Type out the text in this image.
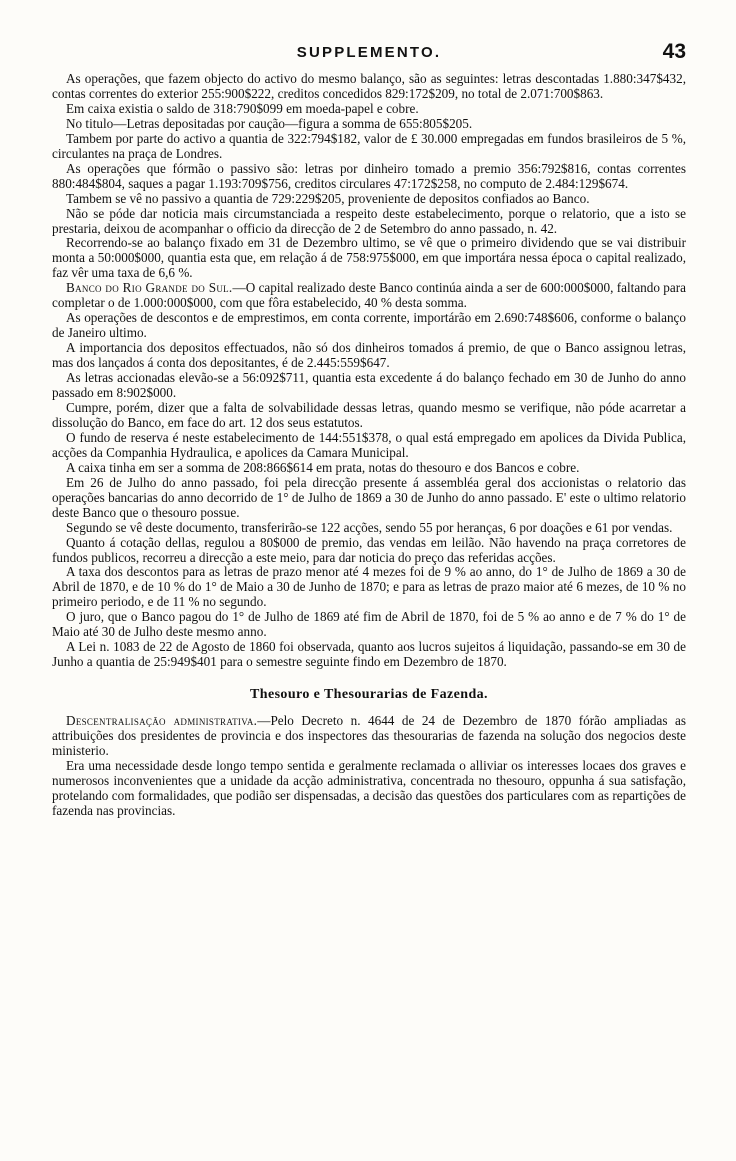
SUPPLEMENTO.	43

As operações, que fazem objecto do activo do mesmo balanço, são as seguintes: letras descontadas 1.880:347$432, contas correntes do exterior 255:900$222, creditos concedidos 829:172$209, no total de 2.071:700$863.

Em caixa existia o saldo de 318:790$099 em moeda-papel e cobre.

No titulo—Letras depositadas por caução—figura a somma de 655:805$205.

Tambem por parte do activo a quantia de 322:794$182, valor de £ 30.000 empregadas em fundos brasileiros de 5 %, circulantes na praça de Londres.

As operações que fórmão o passivo são: letras por dinheiro tomado a premio 356:792$816, contas correntes 880:484$804, saques a pagar 1.193:709$756, creditos circulares 47:172$258, no computo de 2.484:129$674.

Tambem se vê no passivo a quantia de 729:229$205, proveniente de depositos confiados ao Banco.

Não se póde dar noticia mais circumstanciada a respeito deste estabelecimento, porque o relatorio, que a isto se prestaria, deixou de acompanhar o officio da direcção de 2 de Setembro do anno passado, n. 42.

Recorrendo-se ao balanço fixado em 31 de Dezembro ultimo, se vê que o primeiro dividendo que se vai distribuir monta a 50:000$000, quantia esta que, em relação á de 758:975$000, em que importára nessa época o capital realizado, faz vêr uma taxa de 6,6 %.

Banco do Rio Grande do Sul.—O capital realizado deste Banco continúa ainda a ser de 600:000$000, faltando para completar o de 1.000:000$000, com que fôra estabelecido, 40 % desta somma.

As operações de descontos e de emprestimos, em conta corrente, importárão em 2.690:748$606, conforme o balanço de Janeiro ultimo.

A importancia dos depositos effectuados, não só dos dinheiros tomados á premio, de que o Banco assignou letras, mas dos lançados á conta dos depositantes, é de 2.445:559$647.

As letras accionadas elevão-se a 56:092$711, quantia esta excedente á do balanço fechado em 30 de Junho do anno passado em 8:902$000.

Cumpre, porém, dizer que a falta de solvabilidade dessas letras, quando mesmo se verifique, não póde acarretar a dissolução do Banco, em face do art. 12 dos seus estatutos.

O fundo de reserva é neste estabelecimento de 144:551$378, o qual está empregado em apolices da Divida Publica, acções da Companhia Hydraulica, e apolices da Camara Municipal.

A caixa tinha em ser a somma de 208:866$614 em prata, notas do thesouro e dos Bancos e cobre.

Em 26 de Julho do anno passado, foi pela direcção presente á assembléa geral dos accionistas o relatorio das operações bancarias do anno decorrido de 1° de Julho de 1869 a 30 de Junho do anno passado. E' este o ultimo relatorio deste Banco que o thesouro possue.

Segundo se vê deste documento, transferirão-se 122 acções, sendo 55 por heranças, 6 por doações e 61 por vendas.

Quanto á cotação dellas, regulou a 80$000 de premio, das vendas em leilão. Não havendo na praça corretores de fundos publicos, recorreu a direcção a este meio, para dar noticia do preço das referidas acções.

A taxa dos descontos para as letras de prazo menor até 4 mezes foi de 9 % ao anno, do 1° de Julho de 1869 a 30 de Abril de 1870, e de 10 % do 1° de Maio a 30 de Junho de 1870; e para as letras de prazo maior até 6 mezes, de 10 % no primeiro periodo, e de 11 % no segundo.

O juro, que o Banco pagou do 1° de Julho de 1869 até fim de Abril de 1870, foi de 5 % ao anno e de 7 % do 1° de Maio até 30 de Julho deste mesmo anno.

A Lei n. 1083 de 22 de Agosto de 1860 foi observada, quanto aos lucros sujeitos á liquidação, passando-se em 30 de Junho a quantia de 25:949$401 para o semestre seguinte findo em Dezembro de 1870.

Thesouro e Thesourarias de Fazenda.

Descentralisação administrativa.—Pelo Decreto n. 4644 de 24 de Dezembro de 1870 fórão ampliadas as attribuições dos presidentes de provincia e dos inspectores das thesourarias de fazenda na solução dos negocios deste ministerio.

Era uma necessidade desde longo tempo sentida e geralmente reclamada o alliviar os interesses locaes dos graves e numerosos inconvenientes que a unidade da acção administrativa, concentrada no thesouro, oppunha á sua satisfação, protelando com formalidades, que podião ser dispensadas, a decisão das questões dos particulares com as repartições de fazenda nas provincias.
